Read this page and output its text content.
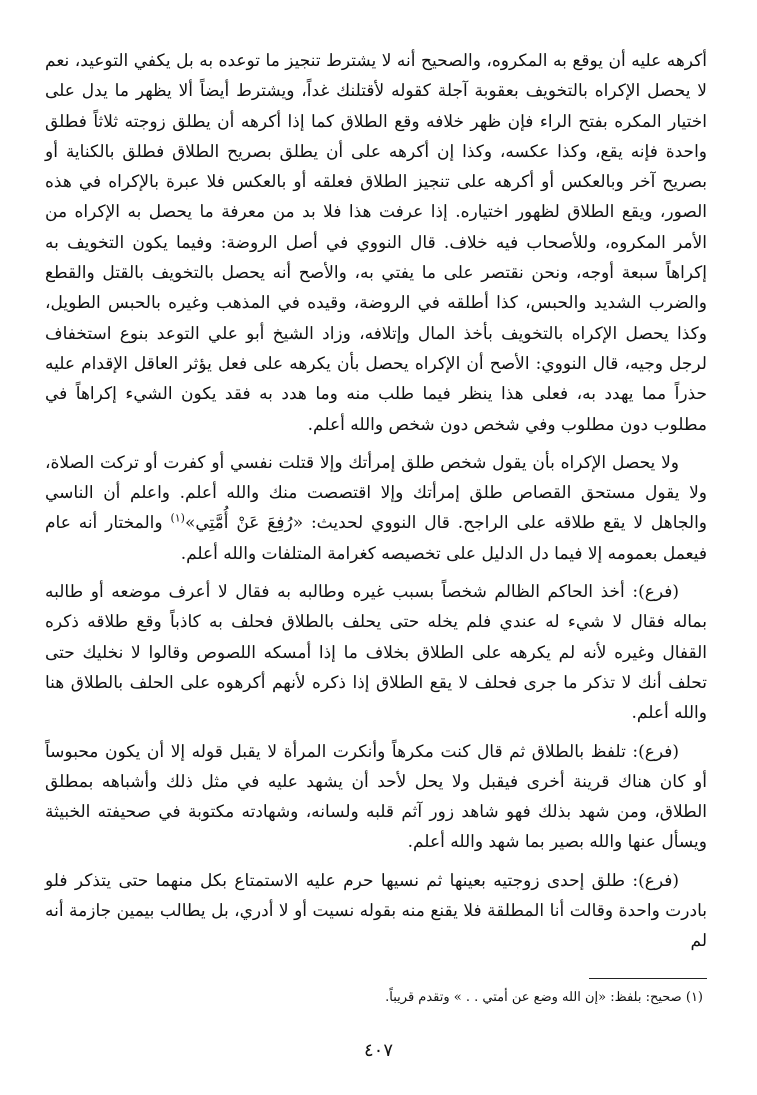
أكرهه عليه أن يوقع به المكروه، والصحيح أنه لا يشترط تنجيز ما توعده به بل يكفي التوعيد، نعم لا يحصل الإكراه بالتخويف بعقوبة آجلة كقوله لأقتلنك غداً، ويشترط أيضاً ألا يظهر ما يدل على اختيار المكره بفتح الراء فإن ظهر خلافه وقع الطلاق كما إذا أكرهه أن يطلق زوجته ثلاثاً فطلق واحدة فإنه يقع، وكذا عكسه، وكذا إن أكرهه على أن يطلق بصريح الطلاق فطلق بالكناية أو بصريح آخر وبالعكس أو أكرهه على تنجيز الطلاق فعلقه أو بالعكس فلا عبرة بالإكراه في هذه الصور، ويقع الطلاق لظهور اختياره. إذا عرفت هذا فلا بد من معرفة ما يحصل به الإكراه من الأمر المكروه، وللأصحاب فيه خلاف. قال النووي في أصل الروضة: وفيما يكون التخويف به إكراهاً سبعة أوجه، ونحن نقتصر على ما يفتي به، والأصح أنه يحصل بالتخويف بالقتل والقطع والضرب الشديد والحبس، كذا أطلقه في الروضة، وقيده في المذهب وغيره بالحبس الطويل، وكذا يحصل الإكراه بالتخويف بأخذ المال وإتلافه، وزاد الشيخ أبو علي التوعد بنوع استخفاف لرجل وجيه، قال النووي: الأصح أن الإكراه يحصل بأن يكرهه على فعل يؤثر العاقل الإقدام عليه حذراً مما يهدد به، فعلى هذا ينظر فيما طلب منه وما هدد به فقد يكون الشيء إكراهاً في مطلوب دون مطلوب وفي شخص دون شخص والله أعلم.

ولا يحصل الإكراه بأن يقول شخص طلق إمرأتك وإلا قتلت نفسي أو كفرت أو تركت الصلاة، ولا يقول مستحق القصاص طلق إمرأتك وإلا اقتصصت منك والله أعلم. واعلم أن الناسي والجاهل لا يقع طلاقه على الراجح. قال النووي لحديث: «رُفِعَ عَنْ أُمَّتِي»$^{(١)}$ والمختار أنه عام فيعمل بعمومه إلا فيما دل الدليل على تخصيصه كغرامة المتلفات والله أعلم.

(فرع): أخذ الحاكم الظالم شخصاً بسبب غيره وطالبه به فقال لا أعرف موضعه أو طالبه بماله فقال لا شيء له عندي فلم يخله حتى يحلف بالطلاق فحلف به كاذباً وقع طلاقه ذكره القفال وغيره لأنه لم يكرهه على الطلاق بخلاف ما إذا أمسكه اللصوص وقالوا لا نخليك حتى تحلف أنك لا تذكر ما جرى فحلف لا يقع الطلاق إذا ذكره لأنهم أكرهوه على الحلف بالطلاق هنا والله أعلم.

(فرع): تلفظ بالطلاق ثم قال كنت مكرهاً وأنكرت المرأة لا يقبل قوله إلا أن يكون محبوساً أو كان هناك قرينة أخرى فيقبل ولا يحل لأحد أن يشهد عليه في مثل ذلك وأشباهه بمطلق الطلاق، ومن شهد بذلك فهو شاهد زور آثم قلبه ولسانه، وشهادته مكتوبة في صحيفته الخبيثة ويسأل عنها والله بصير بما شهد والله أعلم.

(فرع): طلق إحدى زوجتيه بعينها ثم نسيها حرم عليه الاستمتاع بكل منهما حتى يتذكر فلو بادرت واحدة وقالت أنا المطلقة فلا يقنع منه بقوله نسيت أو لا أدري، بل يطالب بيمين جازمة أنه لم

(١) صحيح: بلفظ: «إن الله وضع عن أمتي . . » وتقدم قريباً.
٤٠٧
